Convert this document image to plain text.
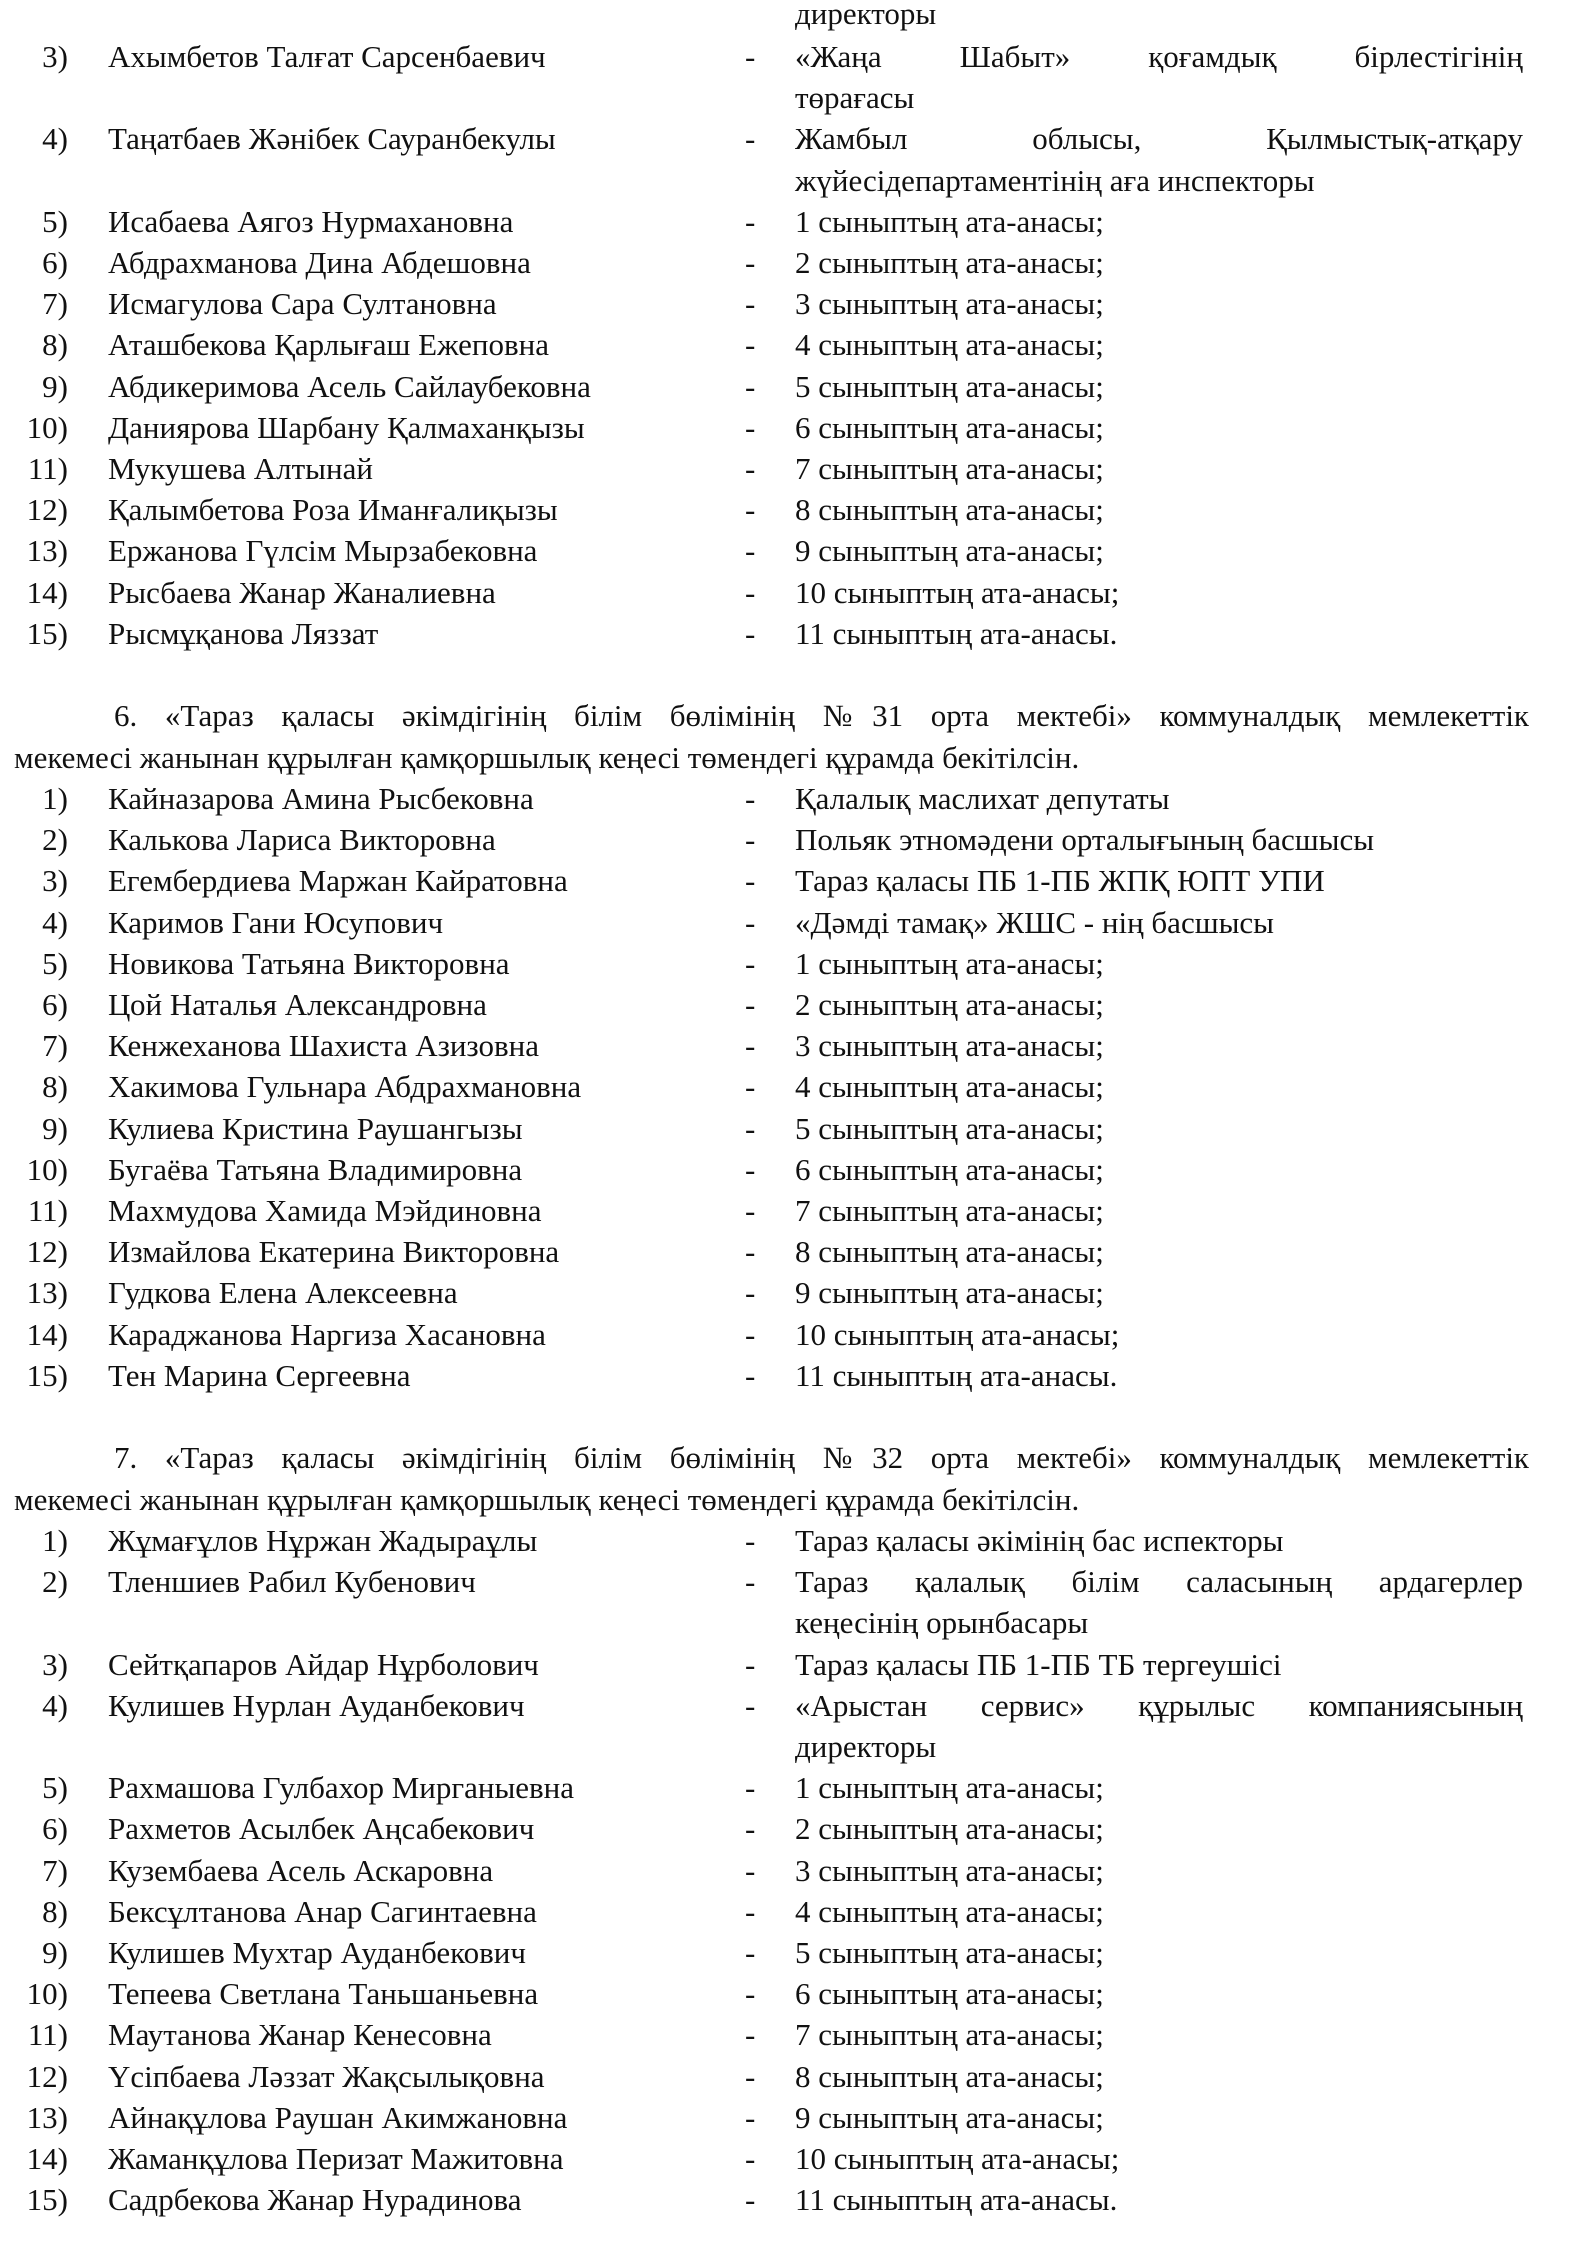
директоры
3) Ахымбетов Талғат Сарсенбаевич	- «Жаңа Шабыт» қоғамдық бірлестігінің
төрағасы
4) Таңатбаев Жәнібек Сауранбекулы	- Жамбыл облысы, Қылмыстық-атқару
жүйесідепартаментінің аға инспекторы
5) Исабаева Аягоз Нурмахановна	- 1 сыныптың ата-анасы;
6) Абдрахманова Дина Абдешовна	- 2 сыныптың ата-анасы;
7) Исмагулова Сара Султановна	- 3 сыныптың ата-анасы;
8) Аташбекова Қарлығаш Ежеповна	- 4 сыныптың ата-анасы;
9) Абдикеримова Асель Сайлаубековна	- 5 сыныптың ата-анасы;
10) Даниярова Шарбану Қалмаханқызы	- 6 сыныптың ата-анасы;
11) Мукушева Алтынай	- 7 сыныптың ата-анасы;
12) Қалымбетова Роза Иманғалиқызы	- 8 сыныптың ата-анасы;
13) Ержанова Гүлсім Мырзабековна	- 9 сыныптың ата-анасы;
14) Рысбаева Жанар Жаналиевна	- 10 сыныптың ата-анасы;
15) Рысмұқанова Ляззат	- 11 сыныптың ата-анасы.
6. «Тараз қаласы әкімдігінің білім бөлімінің №31 орта мектебі» коммуналдық мемлекеттік
мекемесі жанынан құрылған қамқоршылық кеңесі төмендегі құрамда бекітілсін.
1) Кайназарова Амина Рысбековна	- Қалалық маслихат депутаты
2) Калькова Лариса Викторовна	- Польяк этномәдени орталығының басшысы
3) Егембердиева Маржан Кайратовна	- Тараз қаласы ПБ 1-ПБ ЖПҚ ЮПТ УПИ
4) Каримов Гани Юсупович	- «Дәмді тамақ» ЖШС - нің басшысы
5) Новикова Татьяна Викторовна	- 1 сыныптың ата-анасы;
6) Цой Наталья Александровна	- 2 сыныптың ата-анасы;
7) Кенжеханова Шахиста Азизовна	- 3 сыныптың ата-анасы;
8) Хакимова Гульнара Абдрахмановна	- 4 сыныптың ата-анасы;
9) Кулиева Кристина Раушангызы	- 5 сыныптың ата-анасы;
10) Бугаёва Татьяна Владимировна	- 6 сыныптың ата-анасы;
11) Махмудова Хамида Мэйдиновна	- 7 сыныптың ата-анасы;
12) Измайлова Екатерина Викторовна	- 8 сыныптың ата-анасы;
13) Гудкова Елена Алексеевна	- 9 сыныптың ата-анасы;
14) Караджанова Наргиза Хасановна	- 10 сыныптың ата-анасы;
15) Тен Марина Сергеевна	- 11 сыныптың ата-анасы.
7. «Тараз қаласы әкімдігінің білім бөлімінің №32 орта мектебі» коммуналдық мемлекеттік
мекемесі жанынан құрылған қамқоршылық кеңесі төмендегі құрамда бекітілсін.
1) Жұмағұлов Нұржан Жадыраұлы	- Тараз қаласы әкімінің бас испекторы
2) Тленшиев Рабил Кубенович	- Тараз қалалық білім саласының ардагерлер
кеңесінің орынбасары
3) Сейтқапаров Айдар Нұрболович	- Тараз қаласы ПБ 1-ПБ ТБ тергеушісі
4) Кулишев Нурлан Ауданбекович	- «Арыстан сервис» құрылыс компаниясының
директоры
5) Рахмашова Гулбахор Мирганыевна	- 1 сыныптың ата-анасы;
6) Рахметов Асылбек Аңсабекович	- 2 сыныптың ата-анасы;
7) Кузембаева Асель Аскаровна	- 3 сыныптың ата-анасы;
8) Бексұлтанова Анар Сагинтаевна	- 4 сыныптың ата-анасы;
9) Кулишев Мухтар Ауданбекович	- 5 сыныптың ата-анасы;
10) Тепеева Светлана Таньшаньевна	- 6 сыныптың ата-анасы;
11) Маутанова Жанар Кенесовна	- 7 сыныптың ата-анасы;
12) Үсіпбаева Ләззат Жақсылықовна	- 8 сыныптың ата-анасы;
13) Айнақұлова Раушан Акимжановна	- 9 сыныптың ата-анасы;
14) Жаманқұлова Перизат Мажитовна	- 10 сыныптың ата-анасы;
15) Садрбекова Жанар Нурадинова	- 11 сыныптың ата-анасы.
